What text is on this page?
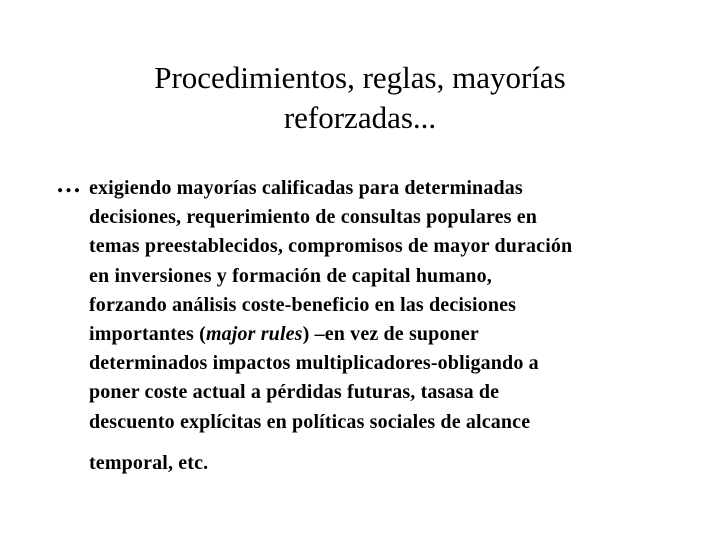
Procedimientos, reglas, mayorías
reforzadas...
… exigiendo mayorías calificadas para determinadas
decisiones, requerimiento de consultas populares en
temas preestablecidos, compromisos de mayor duración
en inversiones y formación de capital humano,
forzando análisis coste-beneficio en las decisiones
importantes (major rules) –en vez de suponer
determinados impactos multiplicadores-obligando a
poner coste actual a pérdidas futuras, tasasa de
descuento explícitas en políticas sociales de alcance
temporal, etc.
